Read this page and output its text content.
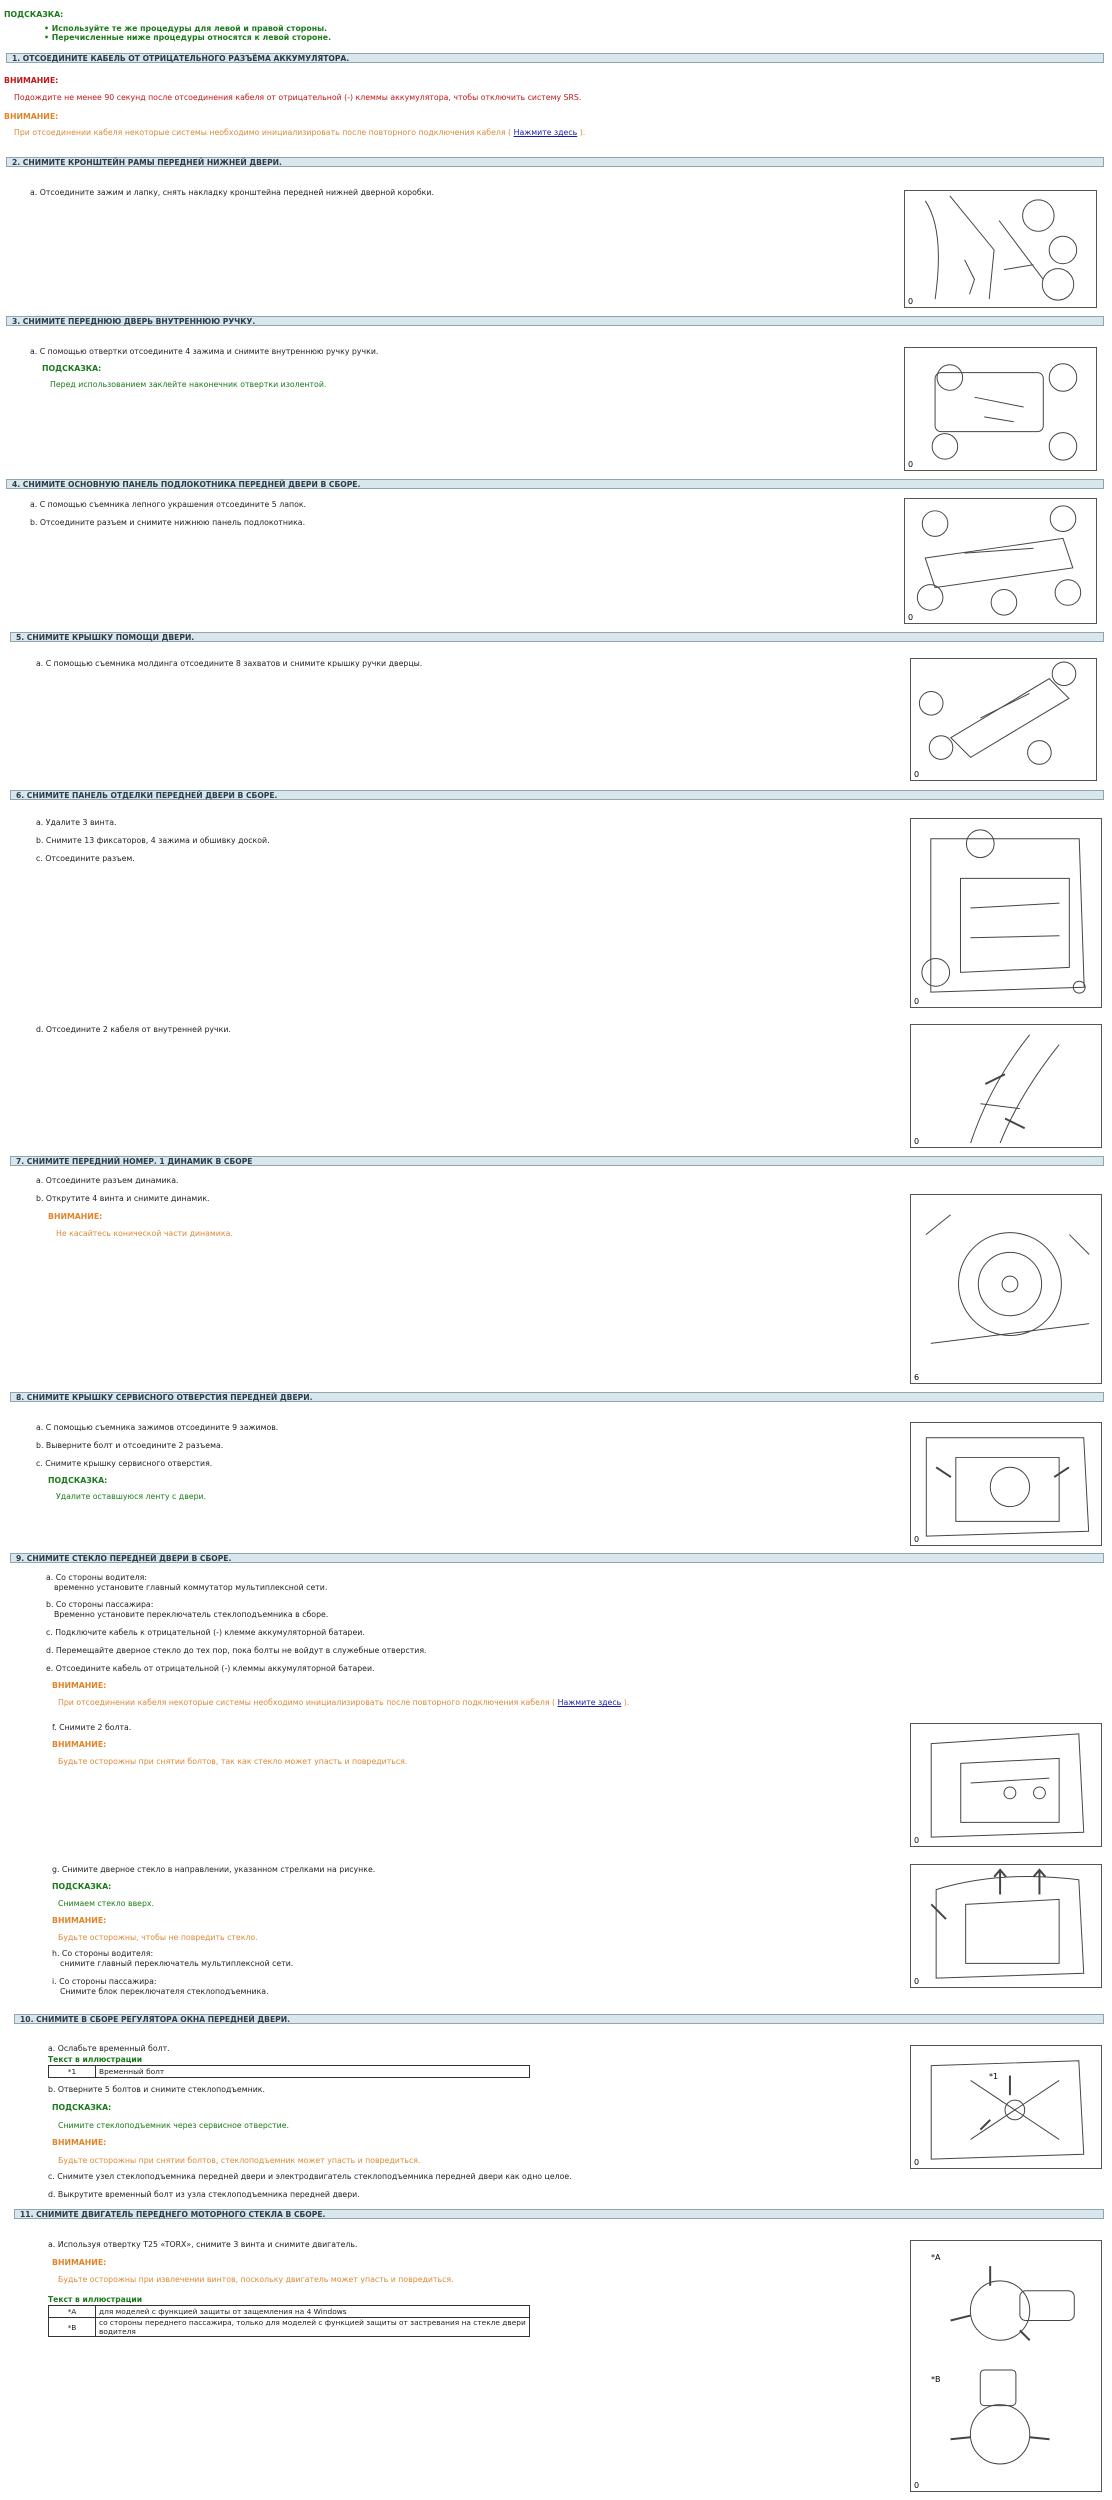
ПОДСКАЗКА:
• Используйте те же процедуры для левой и правой стороны.
• Перечисленные ниже процедуры относятся к левой стороне.
1. ОТСОЕДИНИТЕ КАБЕЛЬ ОТ ОТРИЦАТЕЛЬНОГО РАЗЪЁМА АККУМУЛЯТОРА.
ВНИМАНИЕ:
Подождите не менее 90 секунд после отсоединения кабеля от отрицательной (-) клеммы аккумулятора, чтобы отключить систему SRS.
ВНИМАНИЕ:
При отсоединении кабеля некоторые системы необходимо инициализировать после повторного подключения кабеля ( Нажмите здесь ).
2. СНИМИТЕ КРОНШТЕЙН РАМЫ ПЕРЕДНЕЙ НИЖНЕЙ ДВЕРИ.
a. Отсоедините зажим и лапку, снять накладку кронштейна передней нижней дверной коробки.
0
3. СНИМИТЕ ПЕРЕДНЮЮ ДВЕРЬ ВНУТРЕННЮЮ РУЧКУ.
a. С помощью отвертки отсоедините 4 зажима и снимите внутреннюю ручку ручки.
ПОДСКАЗКА:
Перед использованием заклейте наконечник отвертки изолентой.
0
4. СНИМИТЕ ОСНОВНУЮ ПАНЕЛЬ ПОДЛОКОТНИКА ПЕРЕДНЕЙ ДВЕРИ В СБОРЕ.
a. С помощью съемника лепного украшения отсоедините 5 лапок.
b. Отсоедините разъем и снимите нижнюю панель подлокотника.
0
5. СНИМИТЕ КРЫШКУ ПОМОЩИ ДВЕРИ.
a. С помощью съемника молдинга отсоедините 8 захватов и снимите крышку ручки дверцы.
0
6. СНИМИТЕ ПАНЕЛЬ ОТДЕЛКИ ПЕРЕДНЕЙ ДВЕРИ В СБОРЕ.
a. Удалите 3 винта.
b. Снимите 13 фиксаторов, 4 зажима и обшивку доской.
c. Отсоедините разъем.
0
d. Отсоедините 2 кабеля от внутренней ручки.
0
7. СНИМИТЕ ПЕРЕДНИЙ НОМЕР. 1 ДИНАМИК В СБОРЕ
a. Отсоедините разъем динамика.
b. Открутите 4 винта и снимите динамик.
ВНИМАНИЕ:
Не касайтесь конической части динамика.
6
8. СНИМИТЕ КРЫШКУ СЕРВИСНОГО ОТВЕРСТИЯ ПЕРЕДНЕЙ ДВЕРИ.
a. С помощью съемника зажимов отсоедините 9 зажимов.
b. Выверните болт и отсоедините 2 разъема.
c. Снимите крышку сервисного отверстия.
ПОДСКАЗКА:
Удалите оставшуюся ленту с двери.
0
9. СНИМИТЕ СТЕКЛО ПЕРЕДНЕЙ ДВЕРИ В СБОРЕ.
a. Со стороны водителя:
временно установите главный коммутатор мультиплексной сети.
b. Со стороны пассажира:
Временно установите переключатель стеклоподъемника в сборе.
c. Подключите кабель к отрицательной (-) клемме аккумуляторной батареи.
d. Перемещайте дверное стекло до тех пор, пока болты не войдут в служебные отверстия.
e. Отсоедините кабель от отрицательной (-) клеммы аккумуляторной батареи.
ВНИМАНИЕ:
При отсоединении кабеля некоторые системы необходимо инициализировать после повторного подключения кабеля ( Нажмите здесь ).
f. Снимите 2 болта.
ВНИМАНИЕ:
Будьте осторожны при снятии болтов, так как стекло может упасть и повредиться.
0
g. Снимите дверное стекло в направлении, указанном стрелками на рисунке.
ПОДСКАЗКА:
Снимаем стекло вверх.
ВНИМАНИЕ:
Будьте осторожны, чтобы не повредить стекло.
h. Со стороны водителя:
снимите главный переключатель мультиплексной сети.
i. Со стороны пассажира:
Снимите блок переключателя стеклоподъемника.
0
10. СНИМИТЕ В СБОРЕ РЕГУЛЯТОРА ОКНА ПЕРЕДНЕЙ ДВЕРИ.
a. Ослабьте временный болт.
Текст в иллюстрации
*1	Временный болт
b. Отверните 5 болтов и снимите стеклоподъемник.
ПОДСКАЗКА:
Снимите стеклоподъемник через сервисное отверстие.
ВНИМАНИЕ:
Будьте осторожны при снятии болтов, стеклоподъемник может упасть и повредиться.
c. Снимите узел стеклоподъемника передней двери и электродвигатель стеклоподъемника передней двери как одно целое.
d. Выкрутите временный болт из узла стеклоподъемника передней двери.
*1
0
11. СНИМИТЕ ДВИГАТЕЛЬ ПЕРЕДНЕГО МОТОРНОГО СТЕКЛА В СБОРЕ.
a. Используя отвертку T25 «TORX», снимите 3 винта и снимите двигатель.
ВНИМАНИЕ:
Будьте осторожны при извлечении винтов, поскольку двигатель может упасть и повредиться.
Текст в иллюстрации
*A	для моделей с функцией защиты от защемления на 4 Windows
*B	со стороны переднего пассажира, только для моделей с функцией защиты от застревания на стекле двери водителя
*A
*B
0
